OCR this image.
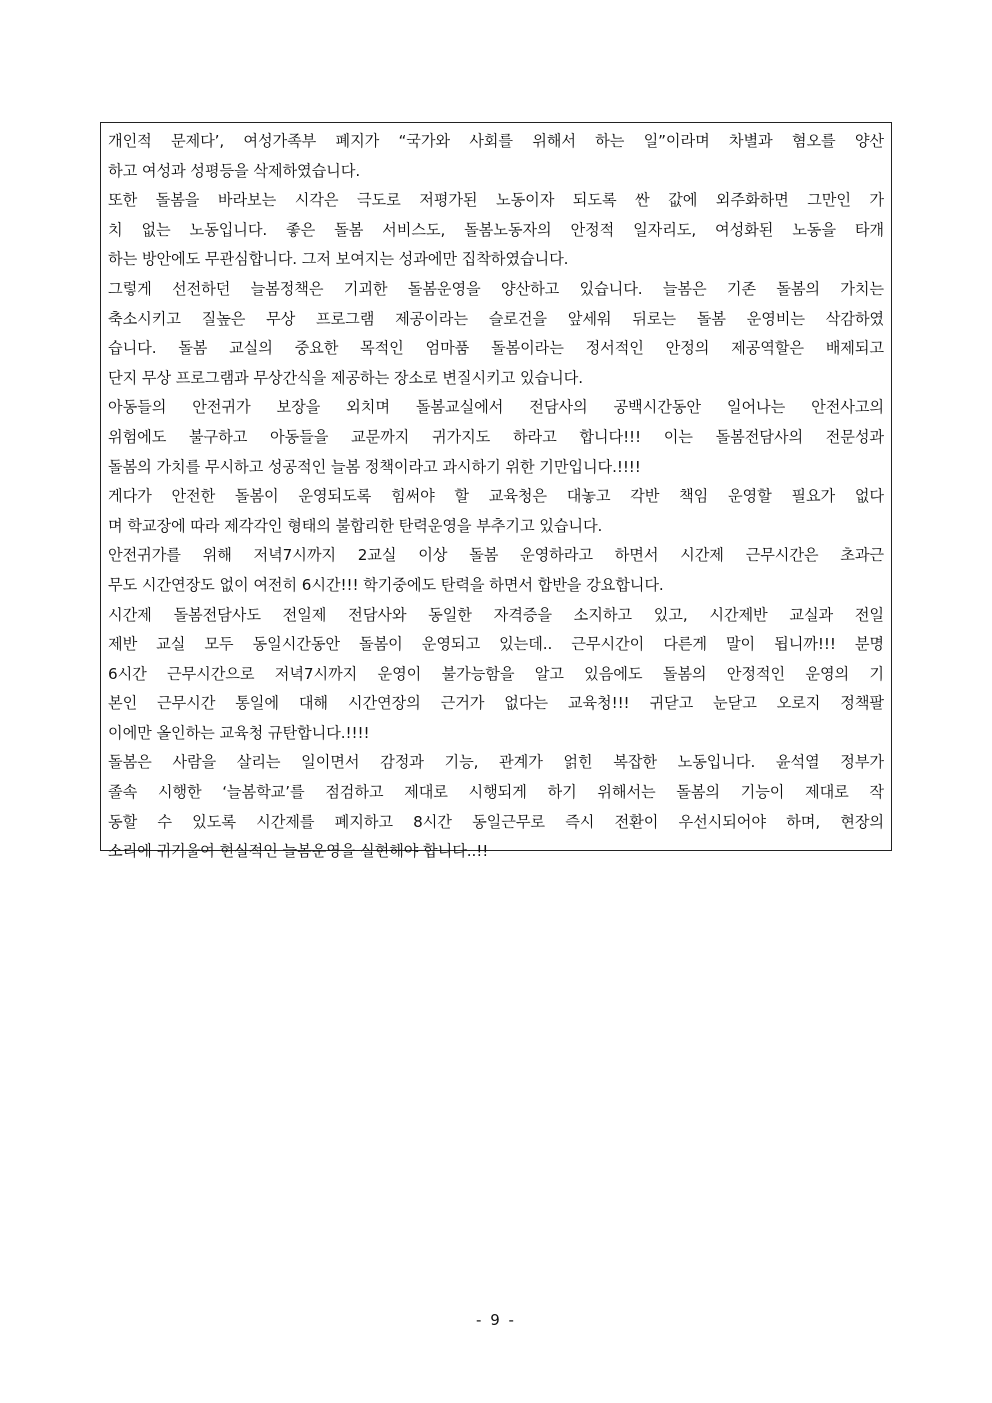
개인적 문제다’, 여성가족부 폐지가 “국가와 사회를 위해서 하는 일”이라며 차별과 혐오를 양산
하고 여성과 성평등을 삭제하였습니다.
또한 돌봄을 바라보는 시각은 극도로 저평가된 노동이자 되도록 싼 값에 외주화하면 그만인 가
치 없는 노동입니다. 좋은 돌봄 서비스도, 돌봄노동자의 안정적 일자리도, 여성화된 노동을 타개
하는 방안에도 무관심합니다. 그저 보여지는 성과에만 집착하였습니다.
그렇게 선전하던 늘봄정책은 기괴한 돌봄운영을 양산하고 있습니다. 늘봄은 기존 돌봄의 가치는
축소시키고 질높은 무상 프로그램 제공이라는 슬로건을 앞세워 뒤로는 돌봄 운영비는 삭감하였
습니다. 돌봄 교실의 중요한 목적인 엄마품 돌봄이라는 정서적인 안정의 제공역할은 배제되고
단지 무상 프로그램과 무상간식을 제공하는 장소로 변질시키고 있습니다.
아동들의 안전귀가 보장을 외치며 돌봄교실에서 전담사의 공백시간동안 일어나는 안전사고의
위험에도 불구하고 아동들을 교문까지 귀가지도 하라고 합니다!!! 이는 돌봄전담사의 전문성과
돌봄의 가치를 무시하고 성공적인 늘봄 정책이라고 과시하기 위한 기만입니다.!!!!
게다가 안전한 돌봄이 운영되도록 힘써야 할 교육청은 대놓고 각반 책임 운영할 필요가 없다
며 학교장에 따라 제각각인 형태의 불합리한 탄력운영을 부추기고 있습니다.
안전귀가를 위해 저녁7시까지 2교실 이상 돌봄 운영하라고 하면서 시간제 근무시간은 초과근
무도 시간연장도 없이 여전히 6시간!!! 학기중에도 탄력을 하면서 합반을 강요합니다.
시간제 돌봄전담사도 전일제 전담사와 동일한 자격증을 소지하고 있고, 시간제반 교실과 전일
제반 교실 모두 동일시간동안 돌봄이 운영되고 있는데.. 근무시간이 다른게 말이 됩니까!!! 분명
6시간 근무시간으로 저녁7시까지 운영이 불가능함을 알고 있음에도 돌봄의 안정적인 운영의 기
본인 근무시간 통일에 대해 시간연장의 근거가 없다는 교육청!!! 귀닫고 눈닫고 오로지 정책팔
이에만 올인하는 교육청 규탄합니다.!!!!
돌봄은 사람을 살리는 일이면서 감정과 기능, 관계가 얽힌 복잡한 노동입니다. 윤석열 정부가
졸속 시행한 ‘늘봄학교’를 점검하고 제대로 시행되게 하기 위해서는 돌봄의 기능이 제대로 작
동할 수 있도록 시간제를 폐지하고 8시간 동일근무로 즉시 전환이 우선시되어야 하며, 현장의
소리에 귀기울여 현실적인 늘봄운영을 실현해야 합니다..!!
- 9 -
